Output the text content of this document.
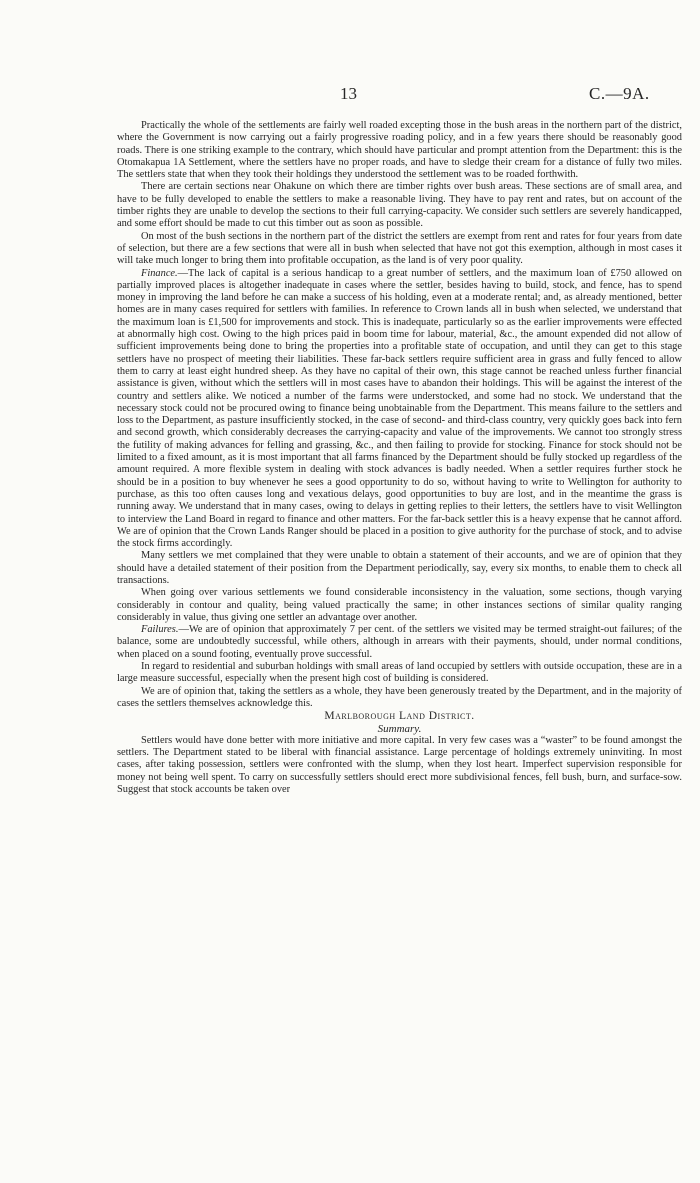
13	C.—9A.

Practically the whole of the settlements are fairly well roaded excepting those in the bush areas in the northern part of the district, where the Government is now carrying out a fairly progressive roading policy, and in a few years there should be reasonably good roads. There is one striking example to the contrary, which should have particular and prompt attention from the Department: this is the Otomakapua 1A Settlement, where the settlers have no proper roads, and have to sledge their cream for a distance of fully two miles. The settlers state that when they took their holdings they understood the settlement was to be roaded forthwith.

There are certain sections near Ohakune on which there are timber rights over bush areas. These sections are of small area, and have to be fully developed to enable the settlers to make a reasonable living. They have to pay rent and rates, but on account of the timber rights they are unable to develop the sections to their full carrying-capacity. We consider such settlers are severely handicapped, and some effort should be made to cut this timber out as soon as possible.

On most of the bush sections in the northern part of the district the settlers are exempt from rent and rates for four years from date of selection, but there are a few sections that were all in bush when selected that have not got this exemption, although in most cases it will take much longer to bring them into profitable occupation, as the land is of very poor quality.

Finance.—The lack of capital is a serious handicap to a great number of settlers, and the maximum loan of £750 allowed on partially improved places is altogether inadequate in cases where the settler, besides having to build, stock, and fence, has to spend money in improving the land before he can make a success of his holding, even at a moderate rental; and, as already mentioned, better homes are in many cases required for settlers with families. In reference to Crown lands all in bush when selected, we understand that the maximum loan is £1,500 for improvements and stock. This is inadequate, particularly so as the earlier improvements were effected at abnormally high cost. Owing to the high prices paid in boom time for labour, material, &c., the amount expended did not allow of sufficient improvements being done to bring the properties into a profitable state of occupation, and until they can get to this stage settlers have no prospect of meeting their liabilities. These far-back settlers require sufficient area in grass and fully fenced to allow them to carry at least eight hundred sheep. As they have no capital of their own, this stage cannot be reached unless further financial assistance is given, without which the settlers will in most cases have to abandon their holdings. This will be against the interest of the country and settlers alike. We noticed a number of the farms were understocked, and some had no stock. We understand that the necessary stock could not be procured owing to finance being unobtainable from the Department. This means failure to the settlers and loss to the Department, as pasture insufficiently stocked, in the case of second- and third-class country, very quickly goes back into fern and second growth, which considerably decreases the carrying-capacity and value of the improvements. We cannot too strongly stress the futility of making advances for felling and grassing, &c., and then failing to provide for stocking. Finance for stock should not be limited to a fixed amount, as it is most important that all farms financed by the Department should be fully stocked up regardless of the amount required. A more flexible system in dealing with stock advances is badly needed. When a settler requires further stock he should be in a position to buy whenever he sees a good opportunity to do so, without having to write to Wellington for authority to purchase, as this too often causes long and vexatious delays, good opportunities to buy are lost, and in the meantime the grass is running away. We understand that in many cases, owing to delays in getting replies to their letters, the settlers have to visit Wellington to interview the Land Board in regard to finance and other matters. For the far-back settler this is a heavy expense that he cannot afford. We are of opinion that the Crown Lands Ranger should be placed in a position to give authority for the purchase of stock, and to advise the stock firms accordingly.

Many settlers we met complained that they were unable to obtain a statement of their accounts, and we are of opinion that they should have a detailed statement of their position from the Department periodically, say, every six months, to enable them to check all transactions.

When going over various settlements we found considerable inconsistency in the valuation, some sections, though varying considerably in contour and quality, being valued practically the same; in other instances sections of similar quality ranging considerably in value, thus giving one settler an advantage over another.

Failures.—We are of opinion that approximately 7 per cent. of the settlers we visited may be termed straight-out failures; of the balance, some are undoubtedly successful, while others, although in arrears with their payments, should, under normal conditions, when placed on a sound footing, eventually prove successful.

In regard to residential and suburban holdings with small areas of land occupied by settlers with outside occupation, these are in a large measure successful, especially when the present high cost of building is considered.

We are of opinion that, taking the settlers as a whole, they have been generously treated by the Department, and in the majority of cases the settlers themselves acknowledge this.

Marlborough Land District.

Summary.

Settlers would have done better with more initiative and more capital. In very few cases was a “waster” to be found amongst the settlers. The Department stated to be liberal with financial assistance. Large percentage of holdings extremely uninviting. In most cases, after taking possession, settlers were confronted with the slump, when they lost heart. Imperfect supervision responsible for money not being well spent. To carry on successfully settlers should erect more subdivisional fences, fell bush, burn, and surface-sow. Suggest that stock accounts be taken over
